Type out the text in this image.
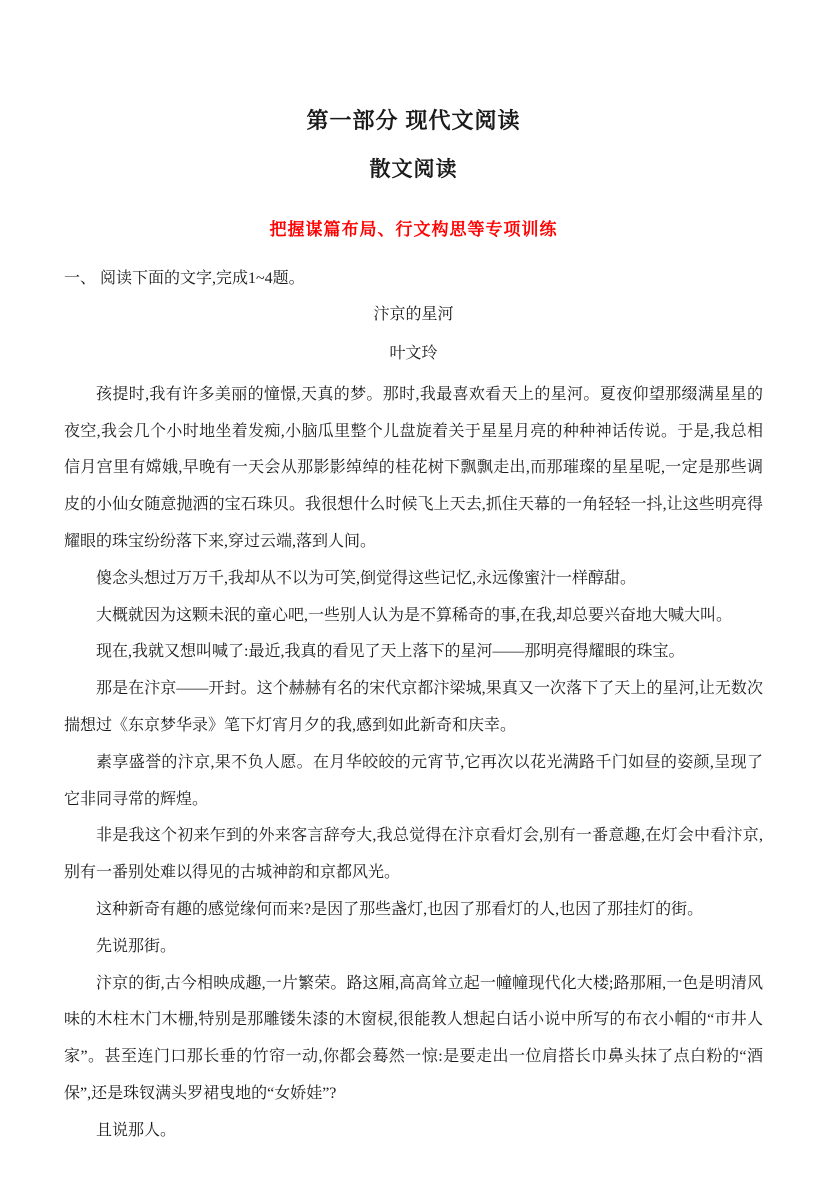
第一部分 现代文阅读
散文阅读
把握谋篇布局、行文构思等专项训练
一、 阅读下面的文字,完成1~4题。
汴京的星河
叶文玲

孩提时,我有许多美丽的憧憬,天真的梦。那时,我最喜欢看天上的星河。夏夜仰望那缀满星星的夜空,我会几个小时地坐着发痴,小脑瓜里整个儿盘旋着关于星星月亮的种种神话传说。于是,我总相信月宫里有嫦娥,早晚有一天会从那影影绰绰的桂花树下飘飘走出,而那璀璨的星星呢,一定是那些调皮的小仙女随意抛洒的宝石珠贝。我很想什么时候飞上天去,抓住天幕的一角轻轻一抖,让这些明亮得耀眼的珠宝纷纷落下来,穿过云端,落到人间。

傻念头想过万万千,我却从不以为可笑,倒觉得这些记忆,永远像蜜汁一样醇甜。

大概就因为这颗未泯的童心吧,一些别人认为是不算稀奇的事,在我,却总要兴奋地大喊大叫。

现在,我就又想叫喊了:最近,我真的看见了天上落下的星河——那明亮得耀眼的珠宝。

那是在汴京——开封。这个赫赫有名的宋代京都汴梁城,果真又一次落下了天上的星河,让无数次揣想过《东京梦华录》笔下灯宵月夕的我,感到如此新奇和庆幸。

素享盛誉的汴京,果不负人愿。在月华皎皎的元宵节,它再次以花光满路千门如昼的姿颜,呈现了它非同寻常的辉煌。

非是我这个初来乍到的外来客言辞夸大,我总觉得在汴京看灯会,别有一番意趣,在灯会中看汴京,别有一番别处难以得见的古城神韵和京都风光。

这种新奇有趣的感觉缘何而来?是因了那些盏灯,也因了那看灯的人,也因了那挂灯的街。

先说那街。

汴京的街,古今相映成趣,一片繁荣。路这厢,高高耸立起一幢幢现代化大楼;路那厢,一色是明清风味的木柱木门木栅,特别是那雕镂朱漆的木窗棂,很能教人想起白话小说中所写的布衣小帽的“市井人家”。甚至连门口那长垂的竹帘一动,你都会蓦然一惊:是要走出一位肩搭长巾鼻头抹了点白粉的“酒保”,还是珠钗满头罗裙曳地的“女娇娃”?

且说那人。
